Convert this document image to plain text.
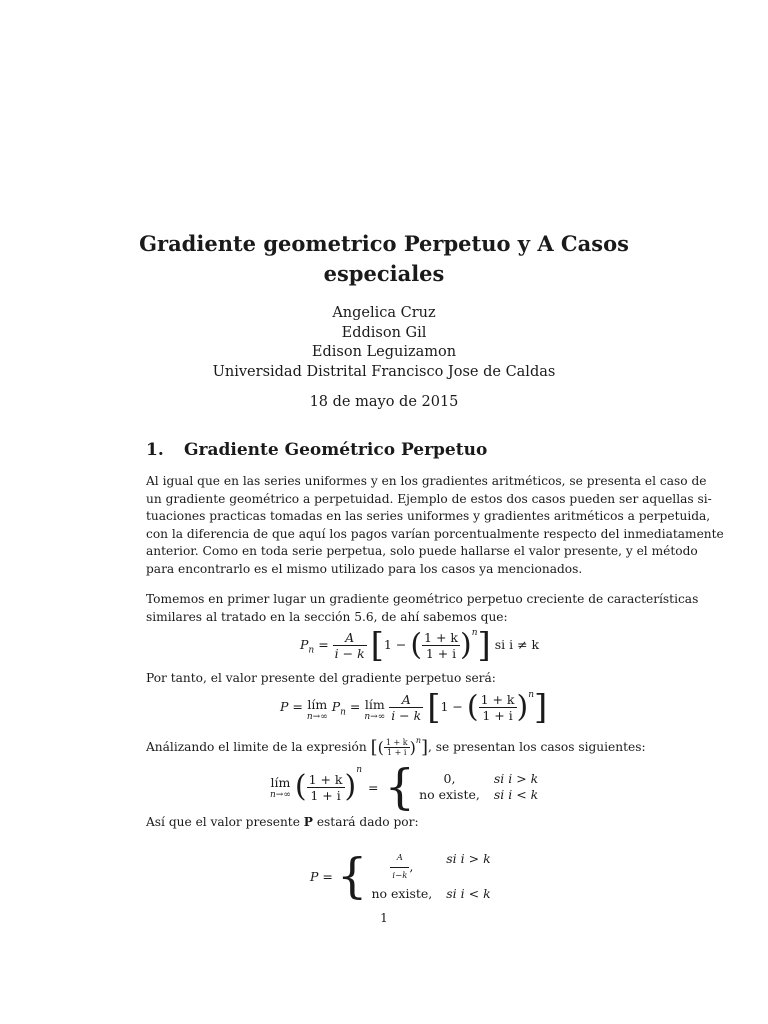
Gradiente geometrico Perpetuo y A Casos
especiales
Angelica Cruz
Eddison Gil
Edison Leguizamon
Universidad Distrital Francisco Jose de Caldas
18 de mayo de 2015
1. Gradiente Geométrico Perpetuo
Al igual que en las series uniformes y en los gradientes aritméticos, se presenta el caso de
un gradiente geométrico a perpetuidad. Ejemplo de estos dos casos pueden ser aquellas si-
tuaciones practicas tomadas en las series uniformes y gradientes aritméticos a perpetuida,
con la diferencia de que aquí los pagos varían porcentualmente respecto del inmediatamente
anterior. Como en toda serie perpetua, solo puede hallarse el valor presente, y el método
para encontrarlo es el mismo utilizado para los casos ya mencionados.
Tomemos en primer lugar un gradiente geométrico perpetuo creciente de características
similares al tratado en la sección 5.6, de ahí sabemos que:
$P_n = \frac{A}{i - k} [1$ − ( $\frac{1 + k}{1 + i} )^n$] si i ≠ k
Por tanto, el valor presente del gradiente perpetuo será:
P = lím
n→∞
$P_n$ = lím
n→∞
$\frac{A}{i - k} [1$ − ( $\frac{1 + k}{1 + i} )^n$]
Análizando el limite de la expresión [( $\frac{1 + k}{1 + i} )^n$], se presentan los casos siguientes:
lím
n→∞ ( $\frac{1 + k}{1 + i}$ ) n
= {	0,	si i > k
no existe, si i < k
Así que el valor presente P estará dado por:
P = {	$\frac{A}{i-k}$ ,
si i > k
no existe, si i < k
1
